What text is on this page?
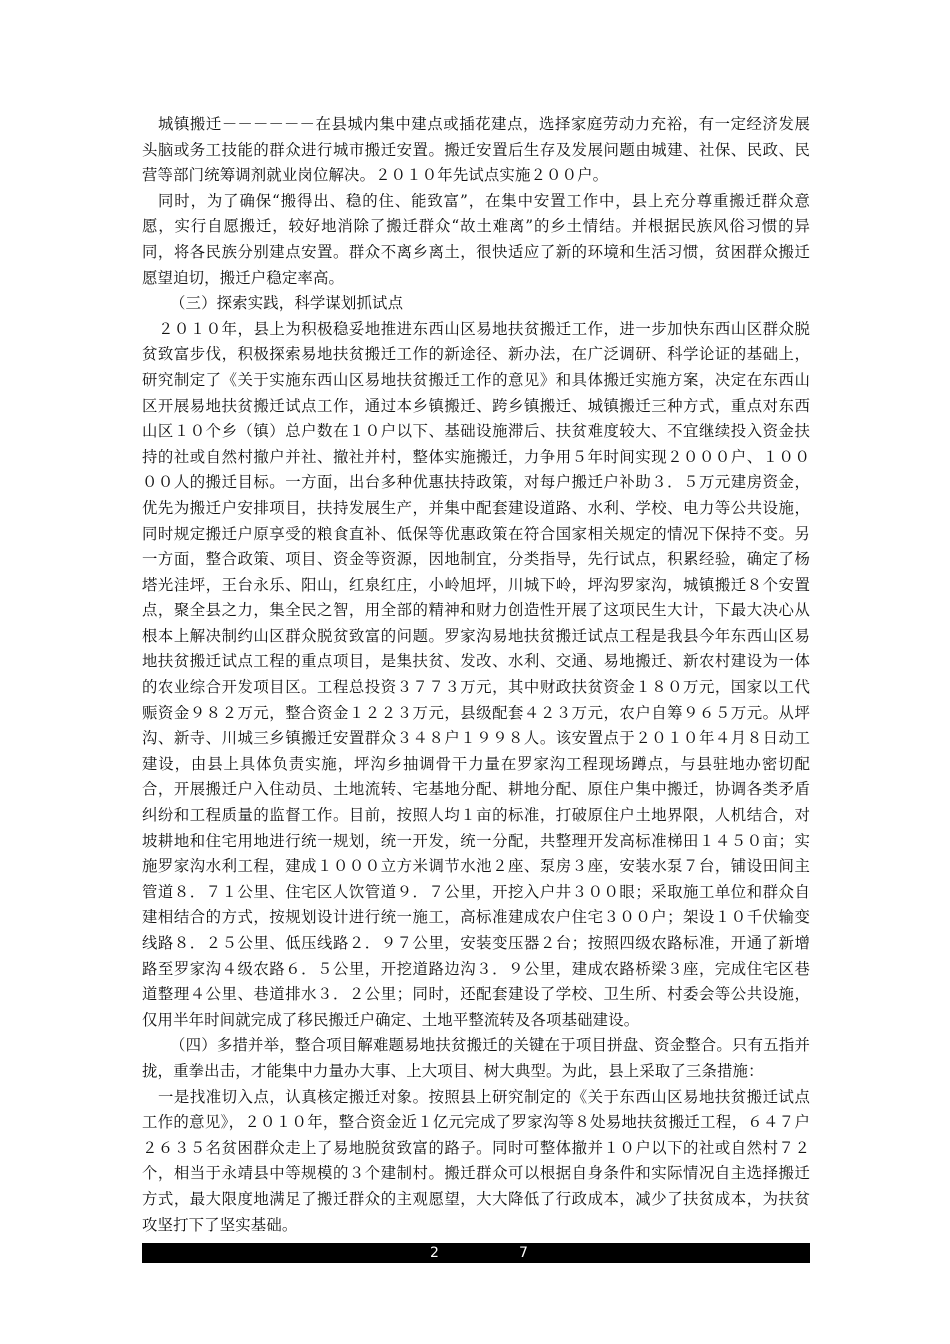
城镇搬迁－－－－－－在县城内集中建点或插花建点，选择家庭劳动力充裕，有一定经济发展头脑或务工技能的群众进行城市搬迁安置。搬迁安置后生存及发展问题由城建、社保、民政、民营等部门统筹调剂就业岗位解决。２０１０年先试点实施２００户。

同时，为了确保“搬得出、稳的住、能致富”，在集中安置工作中，县上充分尊重搬迁群众意愿，实行自愿搬迁，较好地消除了搬迁群众“故土难离”的乡土情结。并根据民族风俗习惯的异同，将各民族分别建点安置。群众不离乡离土，很快适应了新的环境和生活习惯，贫困群众搬迁愿望迫切，搬迁户稳定率高。

（三）探索实践，科学谋划抓试点

２０１０年，县上为积极稳妥地推进东西山区易地扶贫搬迁工作，进一步加快东西山区群众脱贫致富步伐，积极探索易地扶贫搬迁工作的新途径、新办法，在广泛调研、科学论证的基础上，研究制定了《关于实施东西山区易地扶贫搬迁工作的意见》和具体搬迁实施方案，决定在东西山区开展易地扶贫搬迁试点工作，通过本乡镇搬迁、跨乡镇搬迁、城镇搬迁三种方式，重点对东西山区１０个乡（镇）总户数在１０户以下、基础设施滞后、扶贫难度较大、不宜继续投入资金扶持的社或自然村撤户并社、撤社并村，整体实施搬迁，力争用５年时间实现２０００户、１００００人的搬迁目标。一方面，出台多种优惠扶持政策，对每户搬迁户补助３．５万元建房资金，优先为搬迁户安排项目，扶持发展生产，并集中配套建设道路、水利、学校、电力等公共设施，同时规定搬迁户原享受的粮食直补、低保等优惠政策在符合国家相关规定的情况下保持不变。另一方面，整合政策、项目、资金等资源，因地制宜，分类指导，先行试点，积累经验，确定了杨塔光洼坪，王台永乐、阳山，红泉红庄，小岭旭坪，川城下岭，坪沟罗家沟，城镇搬迁８个安置点，聚全县之力，集全民之智，用全部的精神和财力创造性开展了这项民生大计，下最大决心从根本上解决制约山区群众脱贫致富的问题。罗家沟易地扶贫搬迁试点工程是我县今年东西山区易地扶贫搬迁试点工程的重点项目，是集扶贫、发改、水利、交通、易地搬迁、新农村建设为一体的农业综合开发项目区。工程总投资３７７３万元，其中财政扶贫资金１８０万元，国家以工代赈资金９８２万元，整合资金１２２３万元，县级配套４２３万元，农户自筹９６５万元。从坪沟、新寺、川城三乡镇搬迁安置群众３４８户１９９８人。该安置点于２０１０年４月８日动工建设，由县上具体负责实施，坪沟乡抽调骨干力量在罗家沟工程现场蹲点，与县驻地办密切配合，开展搬迁户入住动员、土地流转、宅基地分配、耕地分配、原住户集中搬迁，协调各类矛盾纠纷和工程质量的监督工作。目前，按照人均１亩的标准，打破原住户土地界限，人机结合，对坡耕地和住宅用地进行统一规划，统一开发，统一分配，共整理开发高标准梯田１４５０亩；实施罗家沟水利工程，建成１０００立方米调节水池２座、泵房３座，安装水泵７台，铺设田间主管道８．７１公里、住宅区人饮管道９．７公里，开挖入户井３００眼；采取施工单位和群众自建相结合的方式，按规划设计进行统一施工，高标准建成农户住宅３００户；架设１０千伏输变线路８．２５公里、低压线路２．９７公里，安装变压器２台；按照四级农路标准，开通了新增路至罗家沟４级农路６．５公里，开挖道路边沟３．９公里，建成农路桥梁３座，完成住宅区巷道整理４公里、巷道排水３．２公里；同时，还配套建设了学校、卫生所、村委会等公共设施，仅用半年时间就完成了移民搬迁户确定、土地平整流转及各项基础建设。

（四）多措并举，整合项目解难题易地扶贫搬迁的关键在于项目拼盘、资金整合。只有五指并拢，重拳出击，才能集中力量办大事、上大项目、树大典型。为此，县上采取了三条措施：

一是找准切入点，认真核定搬迁对象。按照县上研究制定的《关于东西山区易地扶贫搬迁试点工作的意见》，２０１０年，整合资金近１亿元完成了罗家沟等８处易地扶贫搬迁工程，６４７户２６３５名贫困群众走上了易地脱贫致富的路子。同时可整体撤并１０户以下的社或自然村７２个，相当于永靖县中等规模的３个建制村。搬迁群众可以根据自身条件和实际情况自主选择搬迁方式，最大限度地满足了搬迁群众的主观愿望，大大降低了行政成本，减少了扶贫成本，为扶贫攻坚打下了坚实基础。

2	7
